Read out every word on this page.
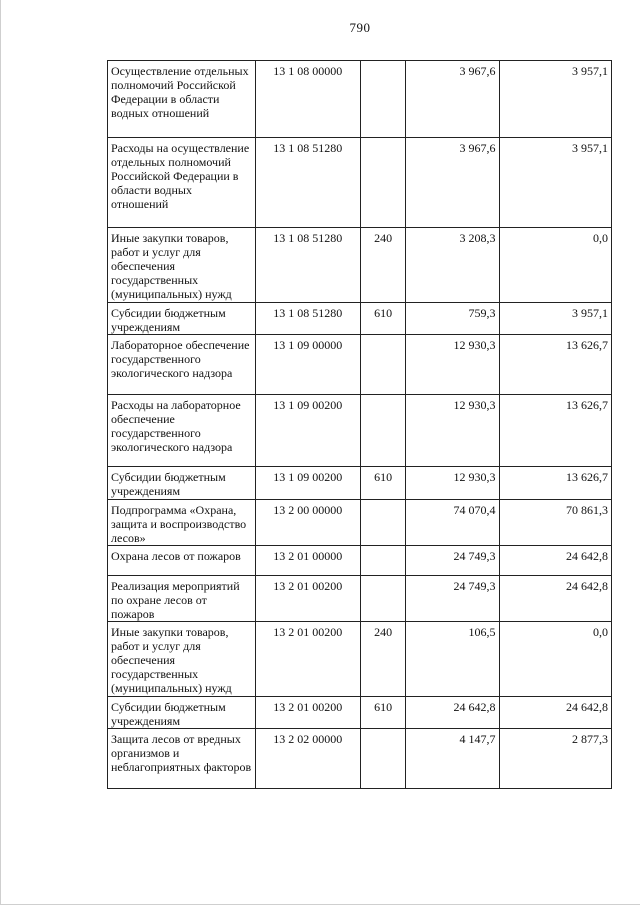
790
Осуществление отдельных полномочий Российской Федерации в области водных отношений	13 1 08 00000		3 967,6	3 957,1
Расходы на осуществление отдельных полномочий Российской Федерации в области водных отношений	13 1 08 51280		3 967,6	3 957,1
Иные закупки товаров, работ и услуг для обеспечения государственных (муниципальных) нужд	13 1 08 51280	240	3 208,3	0,0
Субсидии бюджетным учреждениям	13 1 08 51280	610	759,3	3 957,1
Лабораторное обеспечение государственного экологического надзора	13 1 09 00000		12 930,3	13 626,7
Расходы на лабораторное обеспечение государственного экологического надзора	13 1 09 00200		12 930,3	13 626,7
Субсидии бюджетным учреждениям	13 1 09 00200	610	12 930,3	13 626,7
Подпрограмма «Охрана, защита и воспроизводство лесов»	13 2 00 00000		74 070,4	70 861,3
Охрана лесов от пожаров	13 2 01 00000		24 749,3	24 642,8
Реализация мероприятий по охране лесов от пожаров	13 2 01 00200		24 749,3	24 642,8
Иные закупки товаров, работ и услуг для обеспечения государственных (муниципальных) нужд	13 2 01 00200	240	106,5	0,0
Субсидии бюджетным учреждениям	13 2 01 00200	610	24 642,8	24 642,8
Защита лесов от вредных организмов и неблагоприятных факторов	13 2 02 00000		4 147,7	2 877,3
